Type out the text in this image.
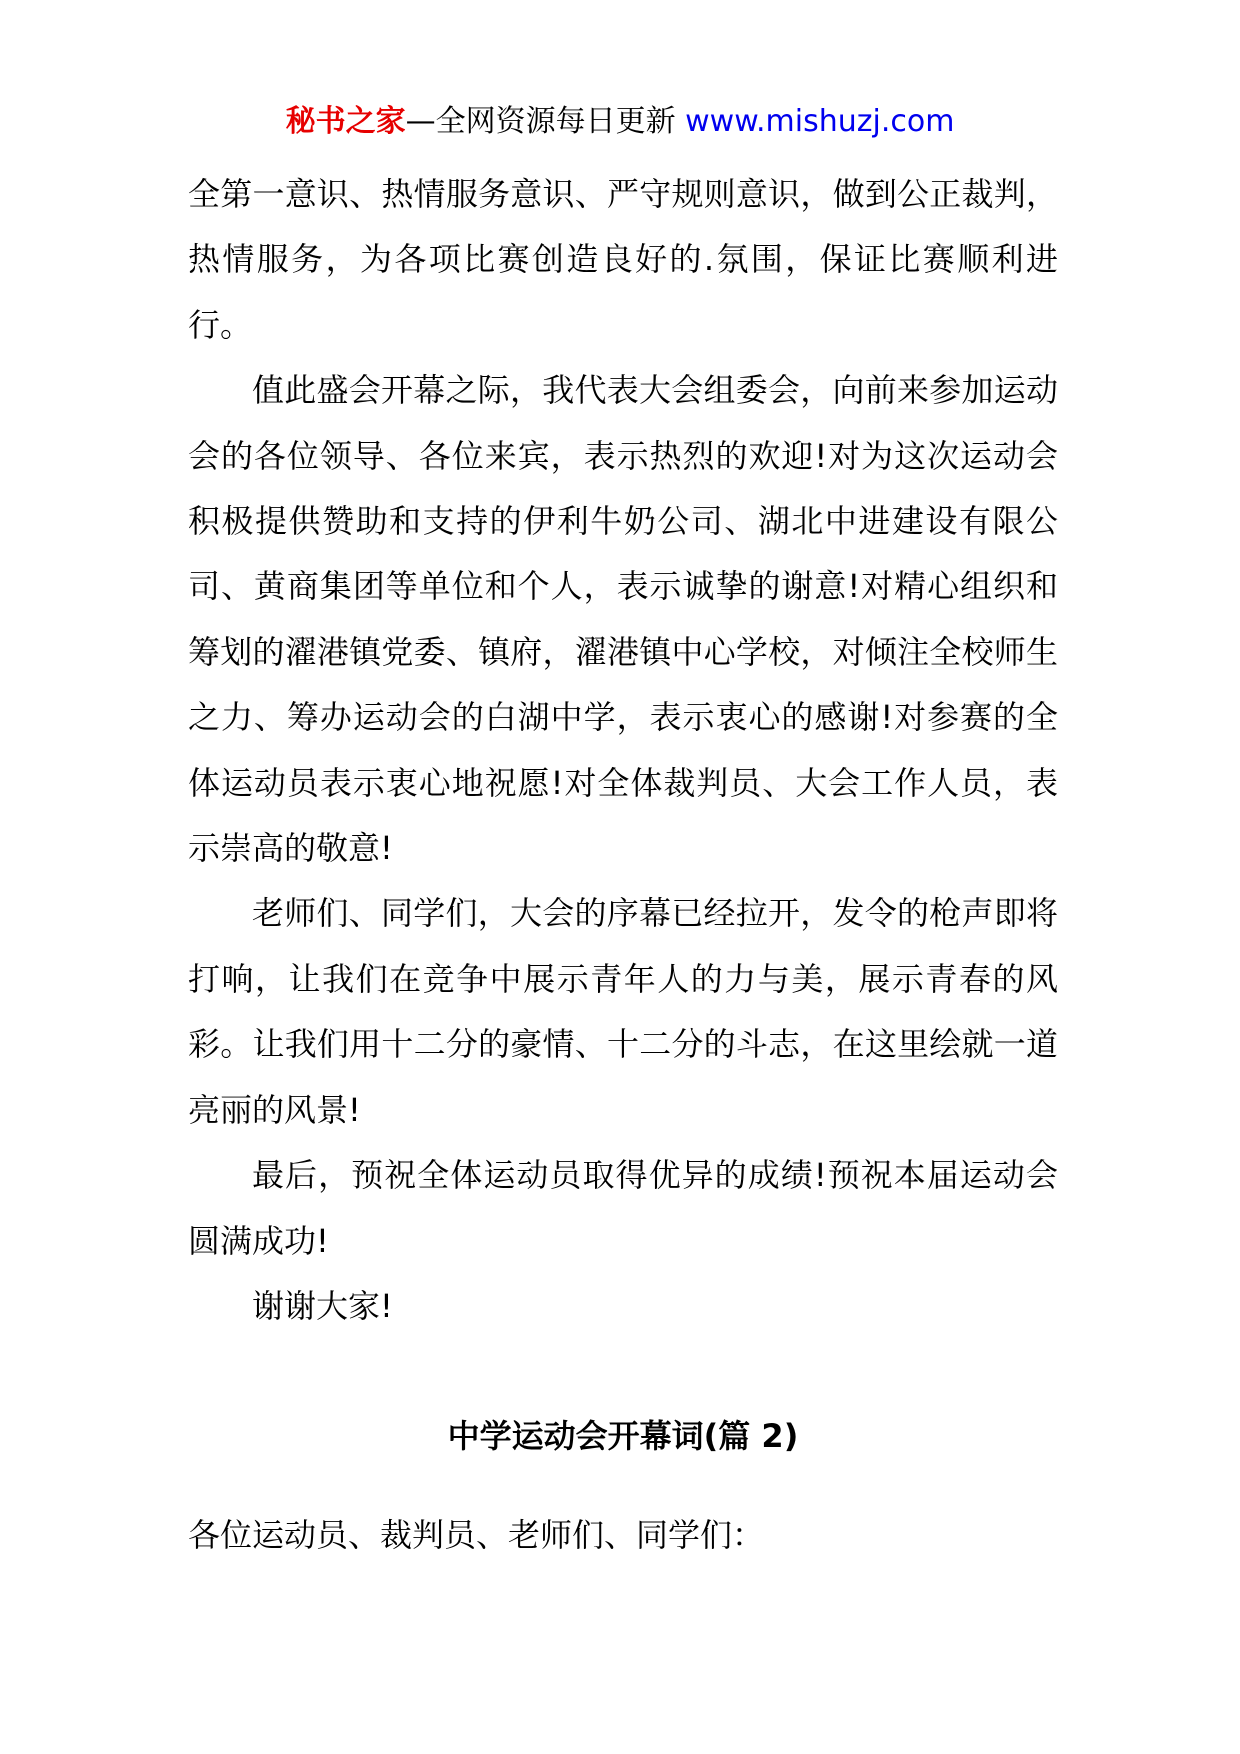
秘书之家—全网资源每日更新 www.mishuzj.com

全第一意识、热情服务意识、严守规则意识，做到公正裁判，热情服务，为各项比赛创造良好的.氛围，保证比赛顺利进行。

值此盛会开幕之际，我代表大会组委会，向前来参加运动会的各位领导、各位来宾，表示热烈的欢迎!对为这次运动会积极提供赞助和支持的伊利牛奶公司、湖北中进建设有限公司、黄商集团等单位和个人，表示诚挚的谢意!对精心组织和筹划的濯港镇党委、镇府，濯港镇中心学校，对倾注全校师生之力、筹办运动会的白湖中学，表示衷心的感谢!对参赛的全体运动员表示衷心地祝愿!对全体裁判员、大会工作人员，表示崇高的敬意!

老师们、同学们，大会的序幕已经拉开，发令的枪声即将打响，让我们在竞争中展示青年人的力与美，展示青春的风彩。让我们用十二分的豪情、十二分的斗志，在这里绘就一道亮丽的风景!

最后，预祝全体运动员取得优异的成绩!预祝本届运动会圆满成功!

谢谢大家!

中学运动会开幕词(篇 2)

各位运动员、裁判员、老师们、同学们：
